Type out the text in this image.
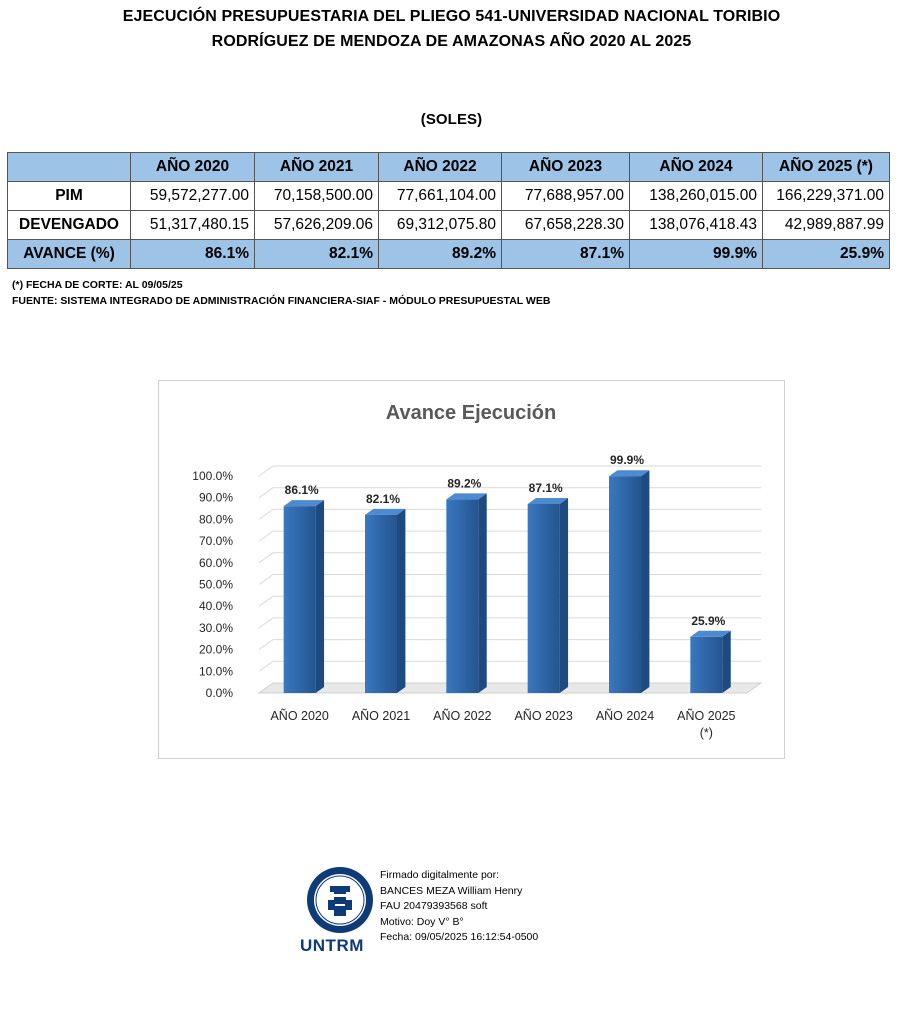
EJECUCIÓN PRESUPUESTARIA DEL PLIEGO 541-UNIVERSIDAD NACIONAL TORIBIO
RODRÍGUEZ DE MENDOZA DE AMAZONAS AÑO 2020 AL 2025
(SOLES)
	AÑO 2020	AÑO 2021	AÑO 2022	AÑO 2023	AÑO 2024	AÑO 2025 (*)
PIM	59,572,277.00	70,158,500.00	77,661,104.00	77,688,957.00	138,260,015.00	166,229,371.00
DEVENGADO	51,317,480.15	57,626,209.06	69,312,075.80	67,658,228.30	138,076,418.43	42,989,887.99
AVANCE (%)	86.1%	82.1%	89.2%	87.1%	99.9%	25.9%
(*) FECHA DE CORTE: AL 09/05/25
FUENTE: SISTEMA INTEGRADO DE ADMINISTRACIÓN FINANCIERA-SIAF - MÓDULO PRESUPUESTAL WEB
Avance Ejecución
0.0%
10.0%
20.0%
30.0%
40.0%
50.0%
60.0%
70.0%
80.0%
90.0%
100.0%
86.1%
AÑO 2020
82.1%
AÑO 2021
89.2%
AÑO 2022
87.1%
AÑO 2023
99.9%
AÑO 2024
25.9%
AÑO 2025
(*)
UNTRM
Firmado digitalmente por:
BANCES MEZA William Henry
FAU 20479393568 soft
Motivo: Doy V° B°
Fecha: 09/05/2025 16:12:54-0500
